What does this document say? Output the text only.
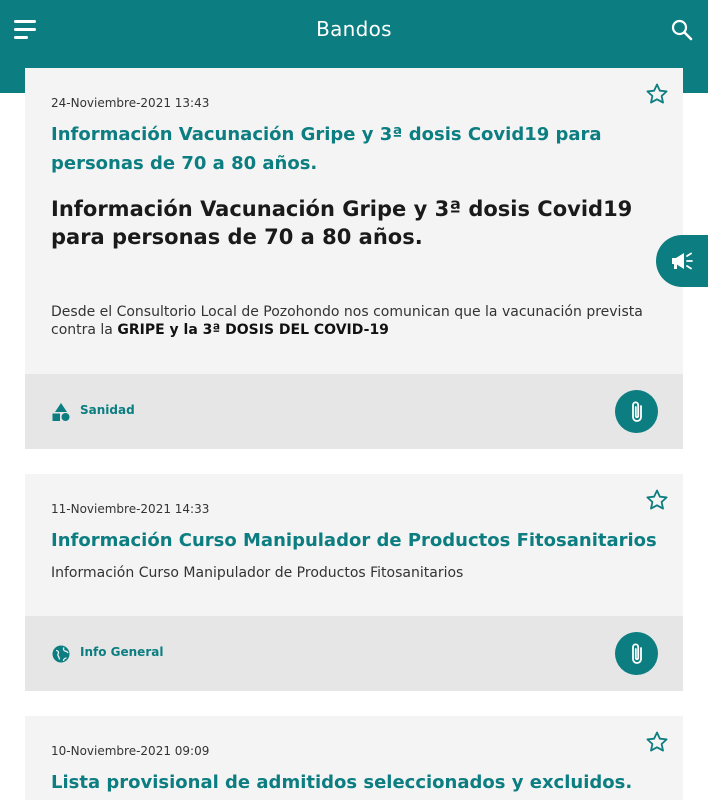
Bandos
24-Noviembre-2021 13:43
Información Vacunación Gripe y 3ª dosis Covid19 para personas de 70 a 80 años.
Información Vacunación Gripe y 3ª dosis Covid19 para personas de 70 a 80 años.
Desde el Consultorio Local de Pozohondo nos comunican que la vacunación prevista contra la GRIPE y la 3ª DOSIS DEL COVID-19
Sanidad
11-Noviembre-2021 14:33
Información Curso Manipulador de Productos Fitosanitarios
Información Curso Manipulador de Productos Fitosanitarios
Info General
10-Noviembre-2021 09:09
Lista provisional de admitidos seleccionados y excluidos.
